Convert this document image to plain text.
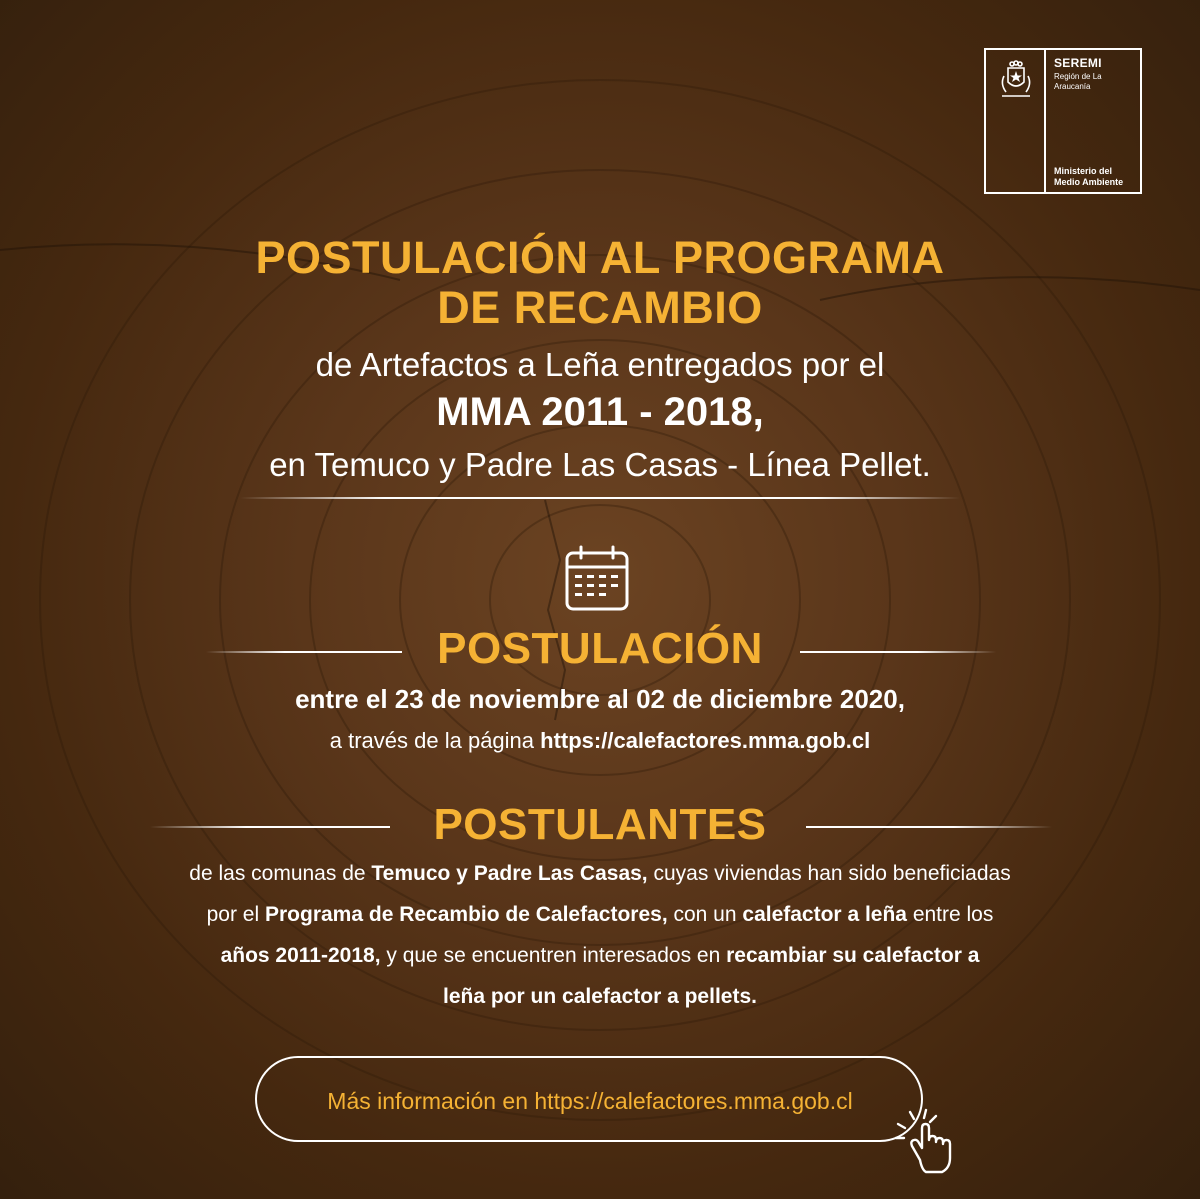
SEREMI
Región de La Araucanía
Ministerio del Medio Ambiente
POSTULACIÓN AL PROGRAMA
DE RECAMBIO
de Artefactos a Leña entregados por el
MMA 2011 - 2018,
en Temuco y Padre Las Casas - Línea Pellet.
POSTULACIÓN
entre el 23 de noviembre al 02 de diciembre 2020,
a través de la página https://calefactores.mma.gob.cl
POSTULANTES
de las comunas de Temuco y Padre Las Casas, cuyas viviendas han sido beneficiadas
por el Programa de Recambio de Calefactores, con un calefactor a leña entre los
años 2011-2018, y que se encuentren interesados en recambiar su calefactor a
leña por un calefactor a pellets.
Más información en https://calefactores.mma.gob.cl
